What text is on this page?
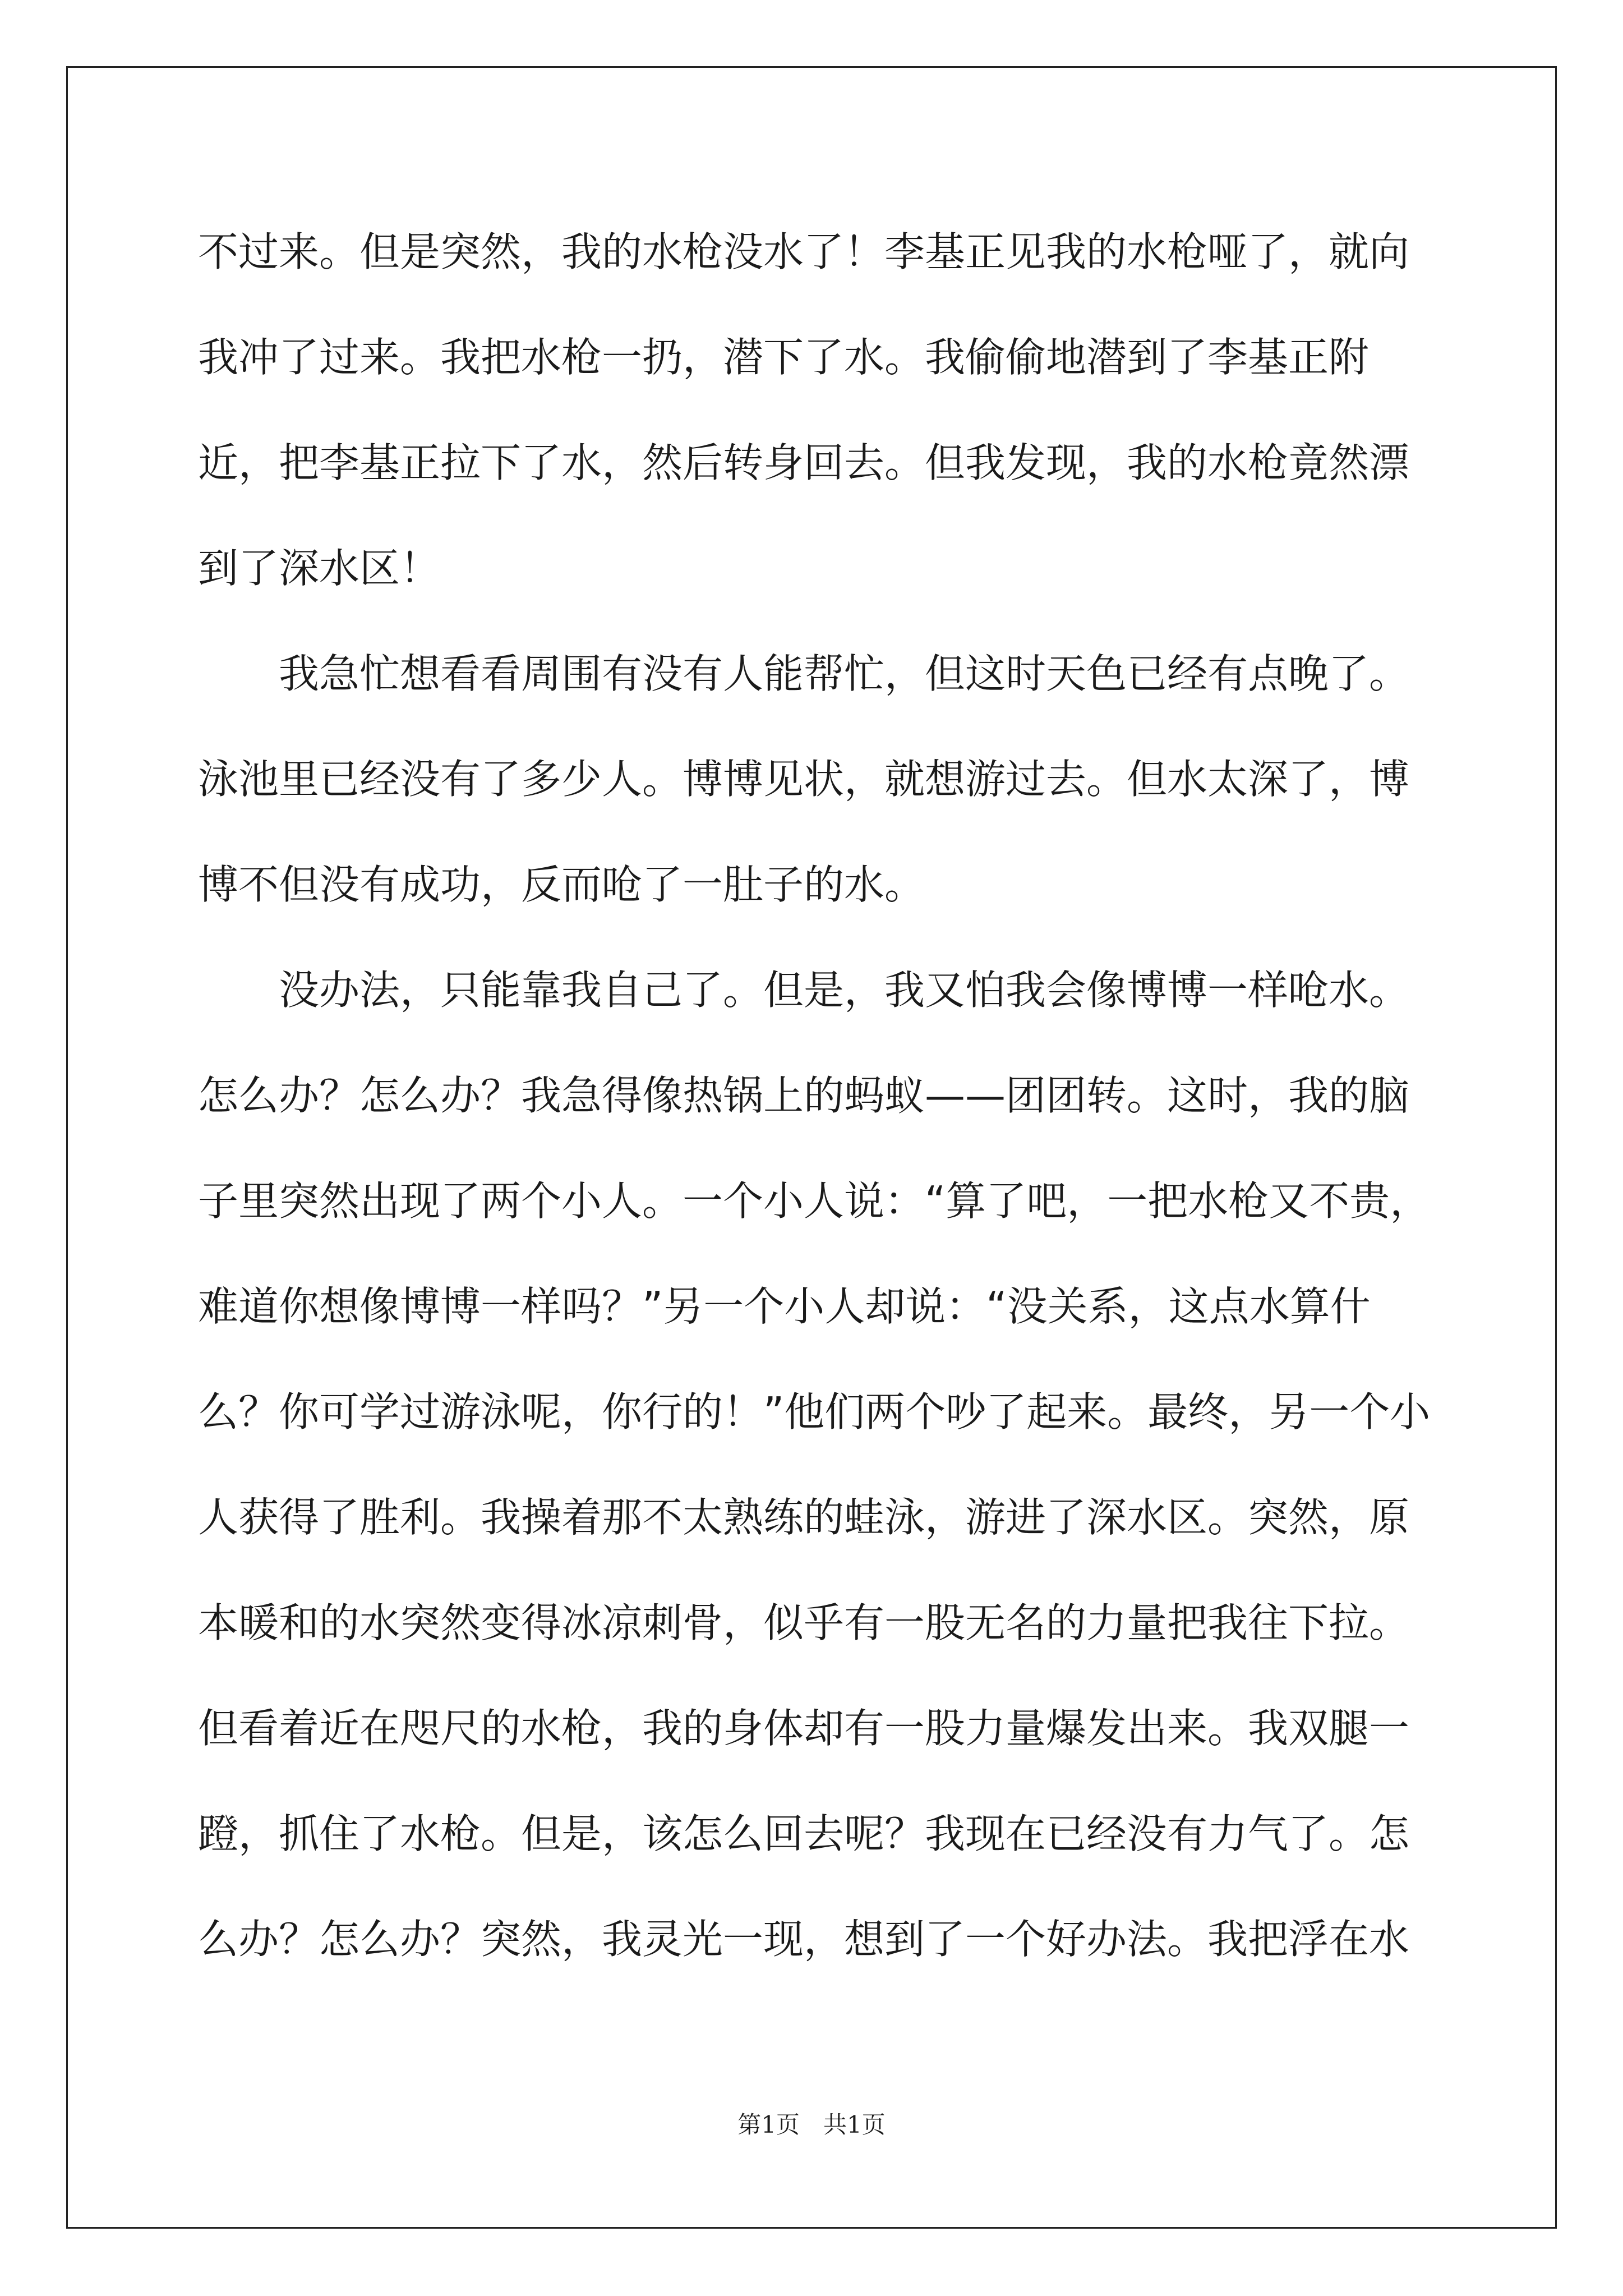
不过来。但是突然，我的水枪没水了！李基正见我的水枪哑了，就向我冲了过来。我把水枪一扔，潜下了水。我偷偷地潜到了李基正附近，把李基正拉下了水，然后转身回去。但我发现，我的水枪竟然漂到了深水区！

　　我急忙想看看周围有没有人能帮忙，但这时天色已经有点晚了。泳池里已经没有了多少人。博博见状，就想游过去。但水太深了，博博不但没有成功，反而呛了一肚子的水。

　　没办法，只能靠我自己了。但是，我又怕我会像博博一样呛水。怎么办？怎么办？我急得像热锅上的蚂蚁——团团转。这时，我的脑子里突然出现了两个小人。一个小人说：“算了吧，一把水枪又不贵，难道你想像博博一样吗？”另一个小人却说：“没关系，这点水算什么？你可学过游泳呢，你行的！”他们两个吵了起来。最终，另一个小人获得了胜利。我操着那不太熟练的蛙泳，游进了深水区。突然，原本暖和的水突然变得冰凉刺骨，似乎有一股无名的力量把我往下拉。但看着近在咫尺的水枪，我的身体却有一股力量爆发出来。我双腿一蹬，抓住了水枪。但是，该怎么回去呢？我现在已经没有力气了。怎么办？怎么办？突然，我灵光一现，想到了一个好办法。我把浮在水

第1页　共1页
